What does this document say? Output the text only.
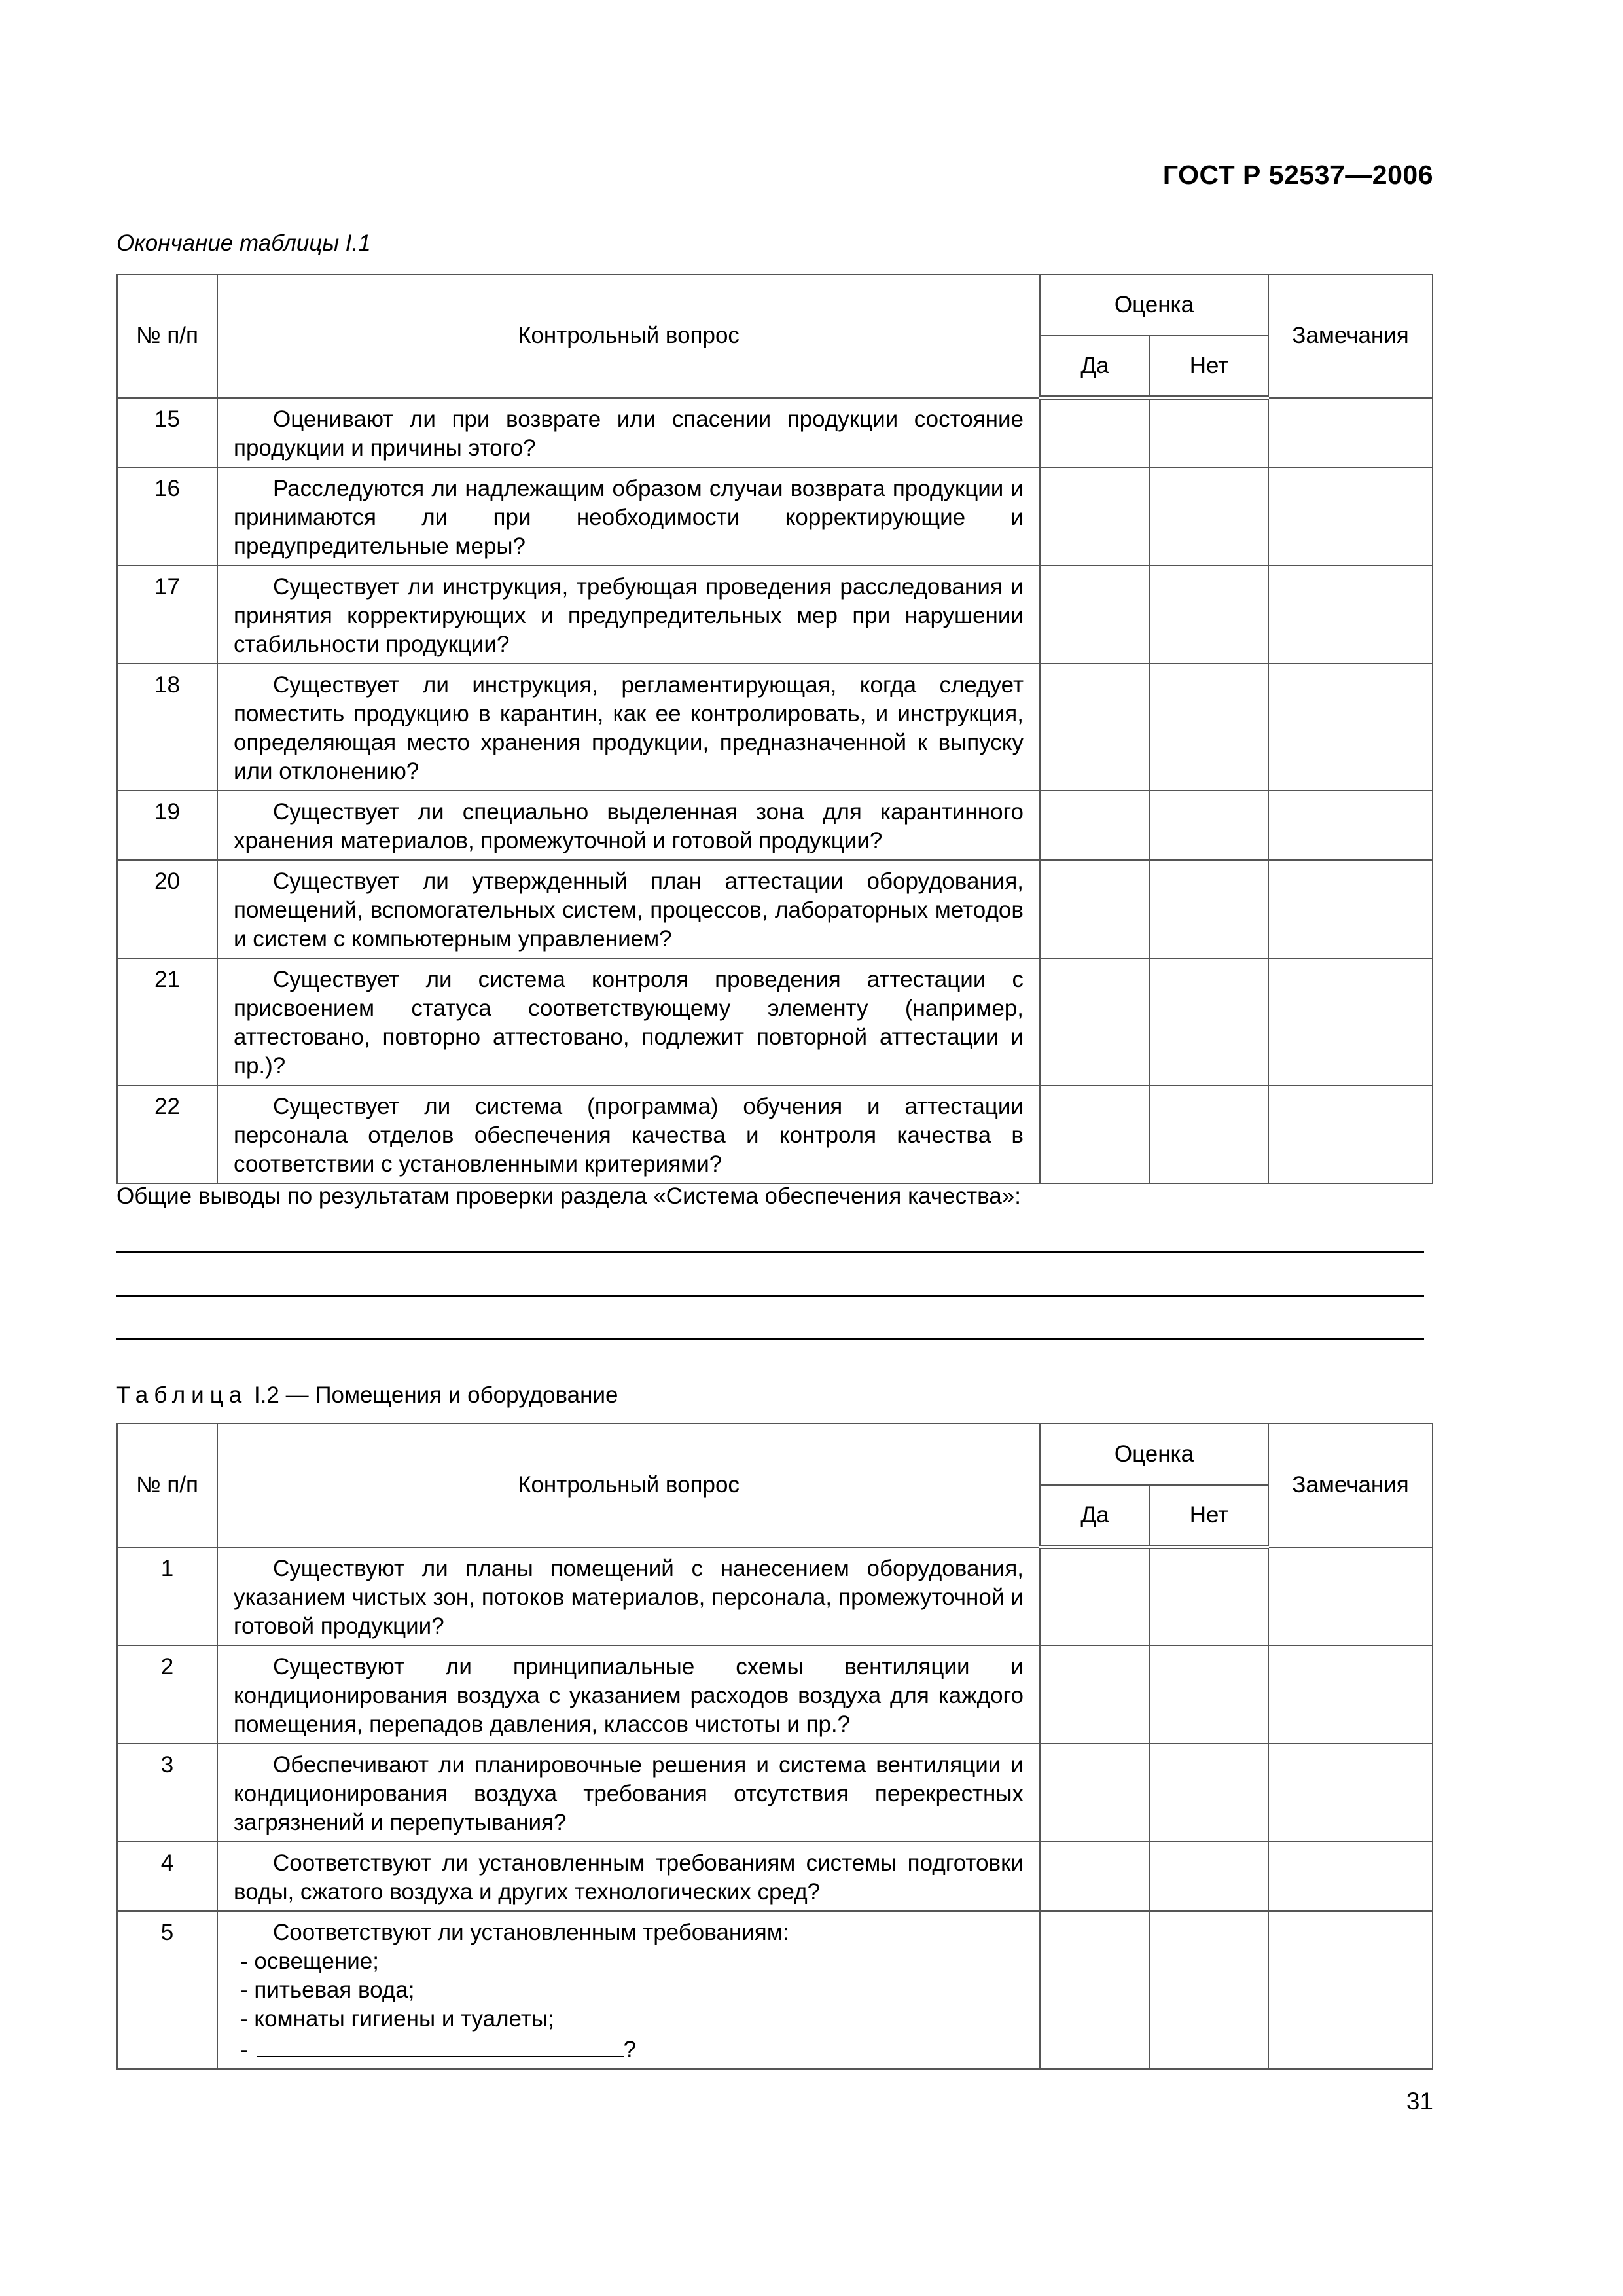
ГОСТ Р 52537—2006
Окончание таблицы I.1
№ п/п	Контрольный вопрос	Оценка		Замечания
		Да	Нет	
15	Оценивают ли при возврате или спасении продукции состояние продукции и причины этого?			
16	Расследуются ли надлежащим образом случаи возврата продукции и принимаются ли при необходимости корректирующие и предупредительные меры?			
17	Существует ли инструкция, требующая проведения расследования и принятия корректирующих и предупредительных мер при нарушении стабильности продукции?			
18	Существует ли инструкция, регламентирующая, когда следует поместить продукцию в карантин, как ее контролировать, и инструкция, определяющая место хранения продукции, предназначенной к выпуску или отклонению?			
19	Существует ли специально выделенная зона для карантинного хранения материалов, промежуточной и готовой продукции?			
20	Существует ли утвержденный план аттестации оборудования, помещений, вспомогательных систем, процессов, лабораторных методов и систем с компьютерным управлением?			
21	Существует ли система контроля проведения аттестации с присвоением статуса соответствующему элементу (например, аттестовано, повторно аттестовано, подлежит повторной аттестации и пр.)?			
22	Существует ли система (программа) обучения и аттестации персонала отделов обеспечения качества и контроля качества в соответствии с установленными критериями?			
Общие выводы по результатам проверки раздела «Система обеспечения качества»:
Таблица I.2 — Помещения и оборудование
№ п/п	Контрольный вопрос	Оценка		Замечания
		Да	Нет	
1	Существуют ли планы помещений с нанесением оборудования, указанием чистых зон, потоков материалов, персонала, промежуточной и готовой продукции?			
2	Существуют ли принципиальные схемы вентиляции и кондиционирования воздуха с указанием расходов воздуха для каждого помещения, перепадов давления, классов чистоты и пр.?			
3	Обеспечивают ли планировочные решения и система вентиляции и кондиционирования воздуха требования отсутствия перекрестных загрязнений и перепутывания?			
4	Соответствуют ли установленным требованиям системы подготовки воды, сжатого воздуха и других технологических сред?			
5	Соответствуют ли установленным требованиям:
- освещение;
- питьевая вода;
- комнаты гигиены и туалеты;
- ?			

31
